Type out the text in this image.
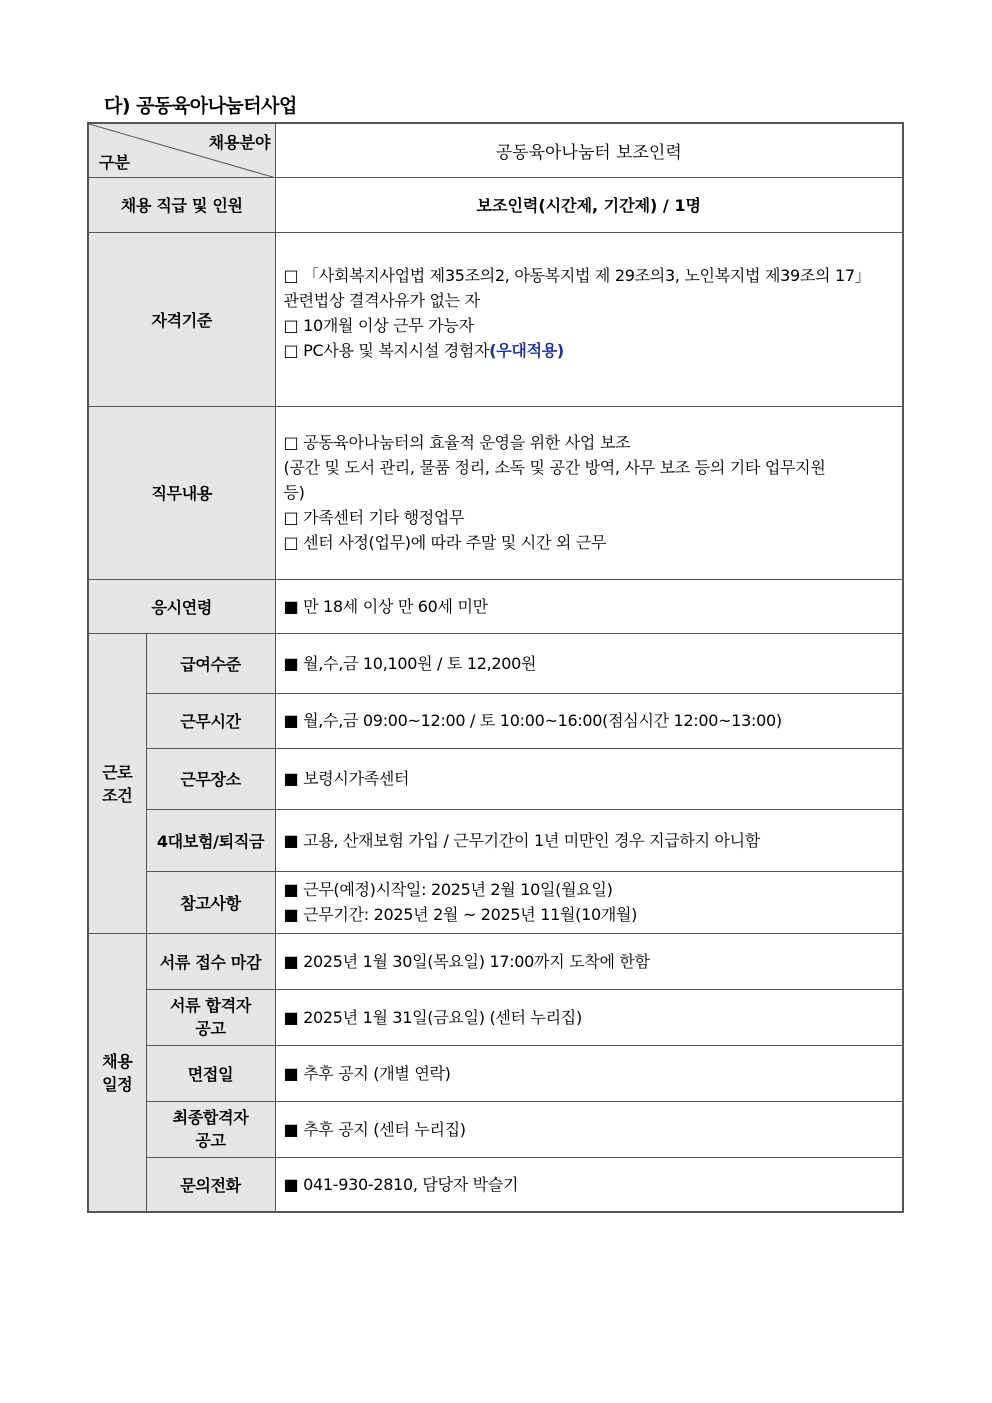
다) 공동육아나눔터사업
채용분야
구분		공동육아나눔터 보조인력
채용 직급 및 인원		보조인력(시간제, 기간제) / 1명
자격기준		□ 「사회복지사업법 제35조의2, 아동복지법 제 29조의3, 노인복지법 제39조의 17」
관련법상 결격사유가 없는 자
□ 10개월 이상 근무 가능자
□ PC사용 및 복지시설 경험자(우대적용)

직무내용		□ 공동육아나눔터의 효율적 운영을 위한 사업 보조
(공간 및 도서 관리, 물품 정리, 소독 및 공간 방역, 사무 보조 등의 기타 업무지원
등)
□ 가족센터 기타 행정업무
□ 센터 사정(업무)에 따라 주말 및 시간 외 근무

응시연령		■ 만 18세 이상 만 60세 미만

근로
조건	급여수준	■ 월,수,금 10,100원 / 토 12,200원
	근무시간	■ 월,수,금 09:00~12:00 / 토 10:00~16:00(점심시간 12:00~13:00)
	근무장소	■ 보령시가족센터
	4대보험/퇴직금	■ 고용, 산재보험 가입 / 근무기간이 1년 미만인 경우 지급하지 아니함
	참고사항	■ 근무(예정)시작일: 2025년 2월 10일(월요일)
■ 근무기간: 2025년 2월 ~ 2025년 11월(10개월)

채용
일정	서류 접수 마감	■ 2025년 1월 30일(목요일) 17:00까지 도착에 한함

	서류 합격자
공고	■ 2025년 1월 31일(금요일) (센터 누리집)
	면접일	■ 추후 공지 (개별 연락)

	최종합격자
공고	■ 추후 공지 (센터 누리집)
	문의전화	■ 041-930-2810, 담당자 박슬기
